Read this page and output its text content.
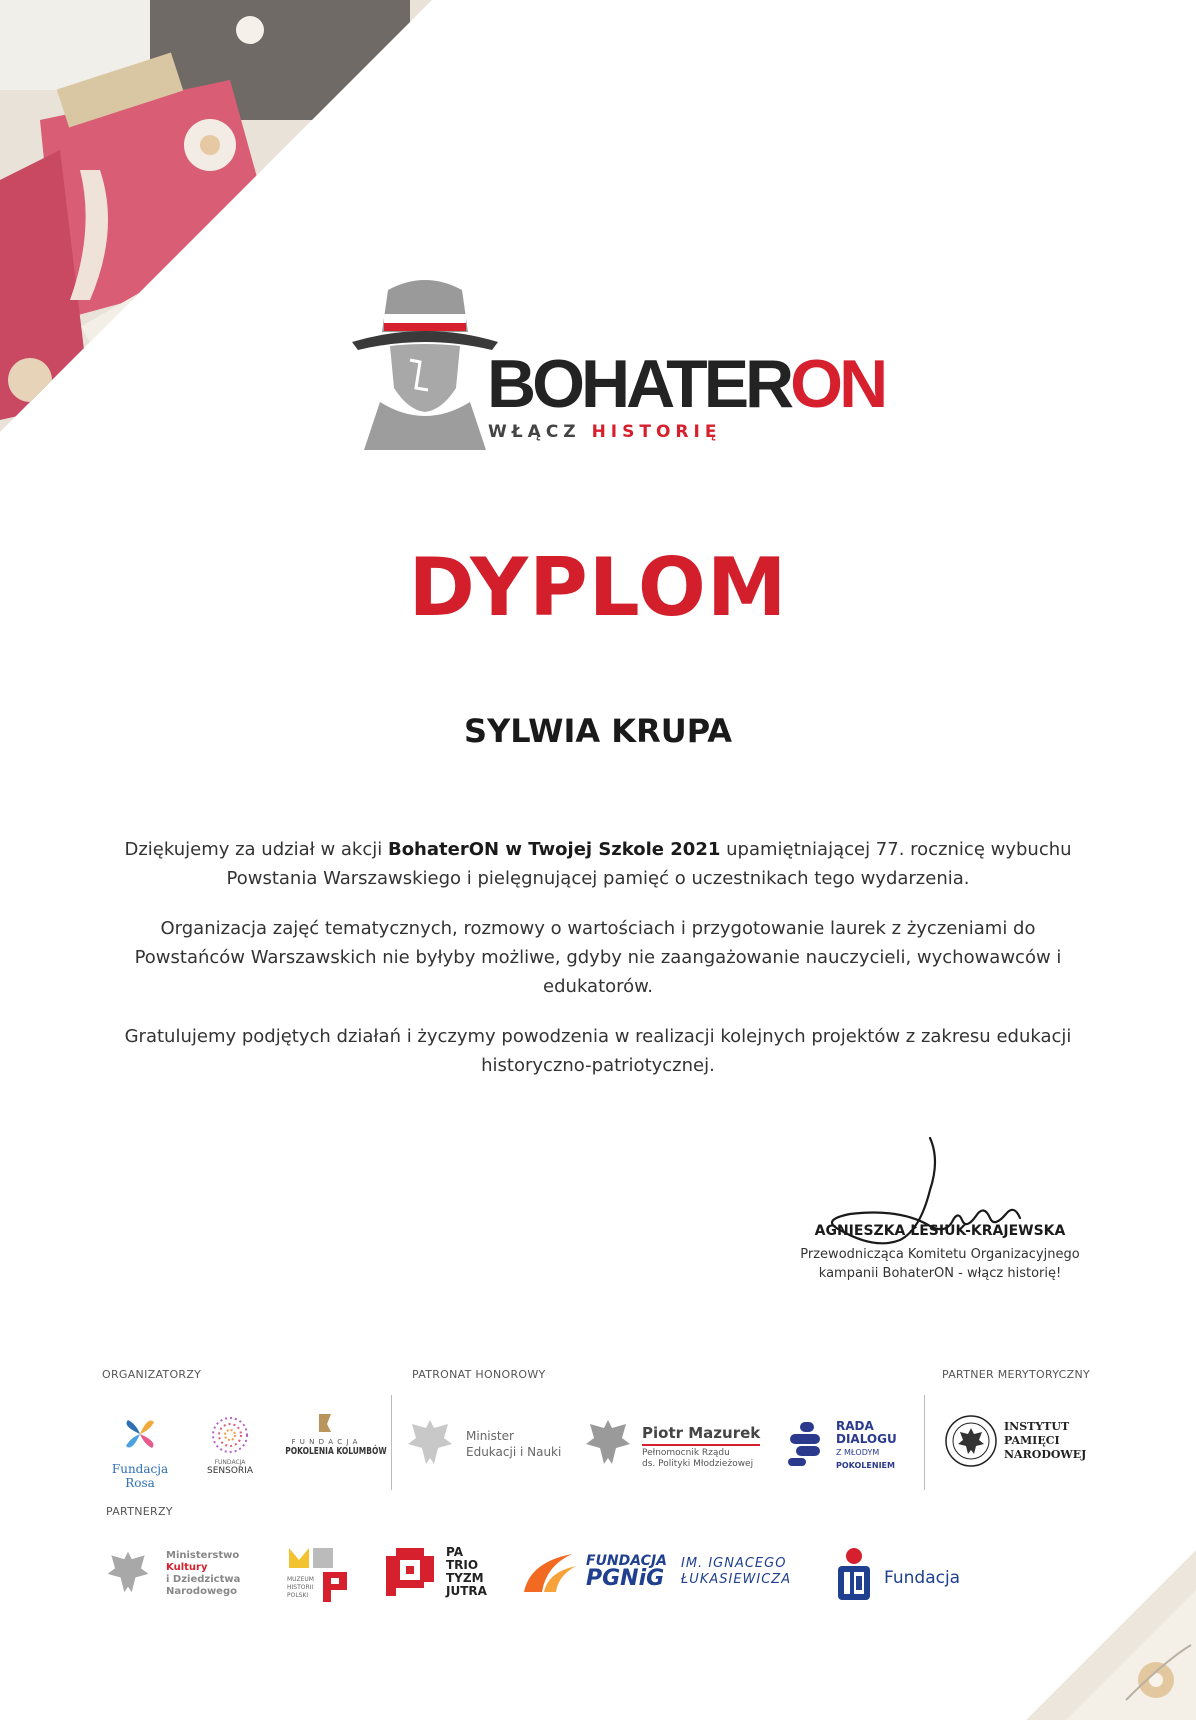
BOHATERON
WŁĄCZ HISTORIĘ
DYPLOM
SYLWIA KRUPA

Dziękujemy za udział w akcji BohaterON w Twojej Szkole 2021 upamiętniającej 77. rocznicę wybuchu Powstania Warszawskiego i pielęgnującej pamięć o uczestnikach tego wydarzenia.

Organizacja zajęć tematycznych, rozmowy o wartościach i przygotowanie laurek z życzeniami do Powstańców Warszawskich nie byłyby możliwe, gdyby nie zaangażowanie nauczycieli, wychowawców i edukatorów.

Gratulujemy podjętych działań i życzymy powodzenia w realizacji kolejnych projektów z zakresu edukacji historyczno-patriotycznej.

AGNIESZKA ŁESIUK-KRAJEWSKA
Przewodnicząca Komitetu Organizacyjnego
kampanii BohaterON - włącz historię!
ORGANIZATORZY	PATRONAT HONOROWY	PARTNER MERYTORYCZNY
PARTNERZY
Fundacja Rosa
FUNDACJA
SENSORIA
F U N D A C J A
POKOLENIA KOLUMBÓW
Minister
Edukacji i Nauki
Piotr Mazurek
Pełnomocnik Rządu
ds. Polityki Młodzieżowej
RADA
DIALOGU
Z MŁODYM
POKOLENIEM
INSTYTUT
PAMIĘCI
NARODOWEJ
Ministerstwo
Kultury
i Dziedzictwa
Narodowego
MUZEUM
HISTORII
POLSKI
PA
TRIO
TYZM
JUTRA
FUNDACJA
PGNiG
IM. IGNACEGO
ŁUKASIEWICZA	Fundacja
